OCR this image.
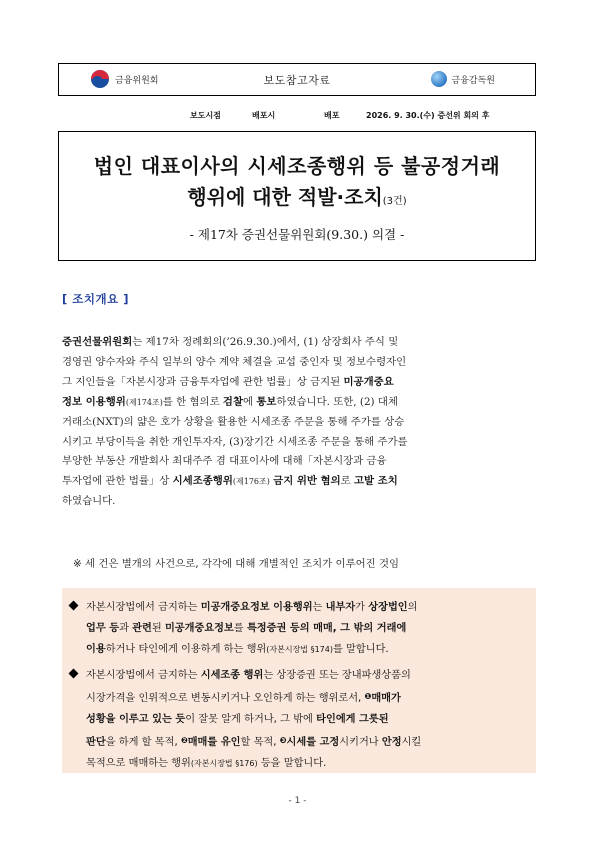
금융위원회	보도참고자료	금융감독원
보도시점	배포시	배포	2026. 9. 30.(수) 증선위 회의 후
법인 대표이사의 시세조종행위 등 불공정거래
행위에 대한 적발·조치(3건)
- 제17차 증권선물위원회(9.30.) 의결 -
[ 조치개요 ]
증권선물위원회는 제17차 정례회의(’26.9.30.)에서, (1) 상장회사 주식 및
경영권 양수자와 주식 일부의 양수 계약 체결을 교섭 중인자 및 정보수령자인
그 지인들을「자본시장과 금융투자업에 관한 법률」상 금지된 미공개중요
정보 이용행위(제174조)를 한 혐의로 검찰에 통보하였습니다. 또한, (2) 대체
거래소(NXT)의 얇은 호가 상황을 활용한 시세조종 주문을 통해 주가를 상승
시키고 부당이득을 취한 개인투자자, (3)장기간 시세조종 주문을 통해 주가를
부양한 부동산 개발회사 최대주주 겸 대표이사에 대해「자본시장과 금융
투자업에 관한 법률」상 시세조종행위(제176조) 금지 위반 혐의로 고발 조치
하였습니다.
※ 세 건은 별개의 사건으로, 각각에 대해 개별적인 조치가 이루어진 것임
자본시장법에서 금지하는 미공개중요정보 이용행위는 내부자가 상장법인의
업무 등과 관련된 미공개중요정보를 특정증권 등의 매매, 그 밖의 거래에
이용하거나 타인에게 이용하게 하는 행위(자본시장법 §174)를 말합니다.
자본시장법에서 금지하는 시세조종 행위는 상장증권 또는 장내파생상품의
시장가격을 인위적으로 변동시키거나 오인하게 하는 행위로서, ❶매매가
성황을 이루고 있는 듯이 잘못 알게 하거나, 그 밖에 타인에게 그릇된
판단을 하게 할 목적, ❷매매를 유인할 목적, ❸시세를 고정시키거나 안정시킬
목적으로 매매하는 행위(자본시장법 §176) 등을 말합니다.
- 1 -
